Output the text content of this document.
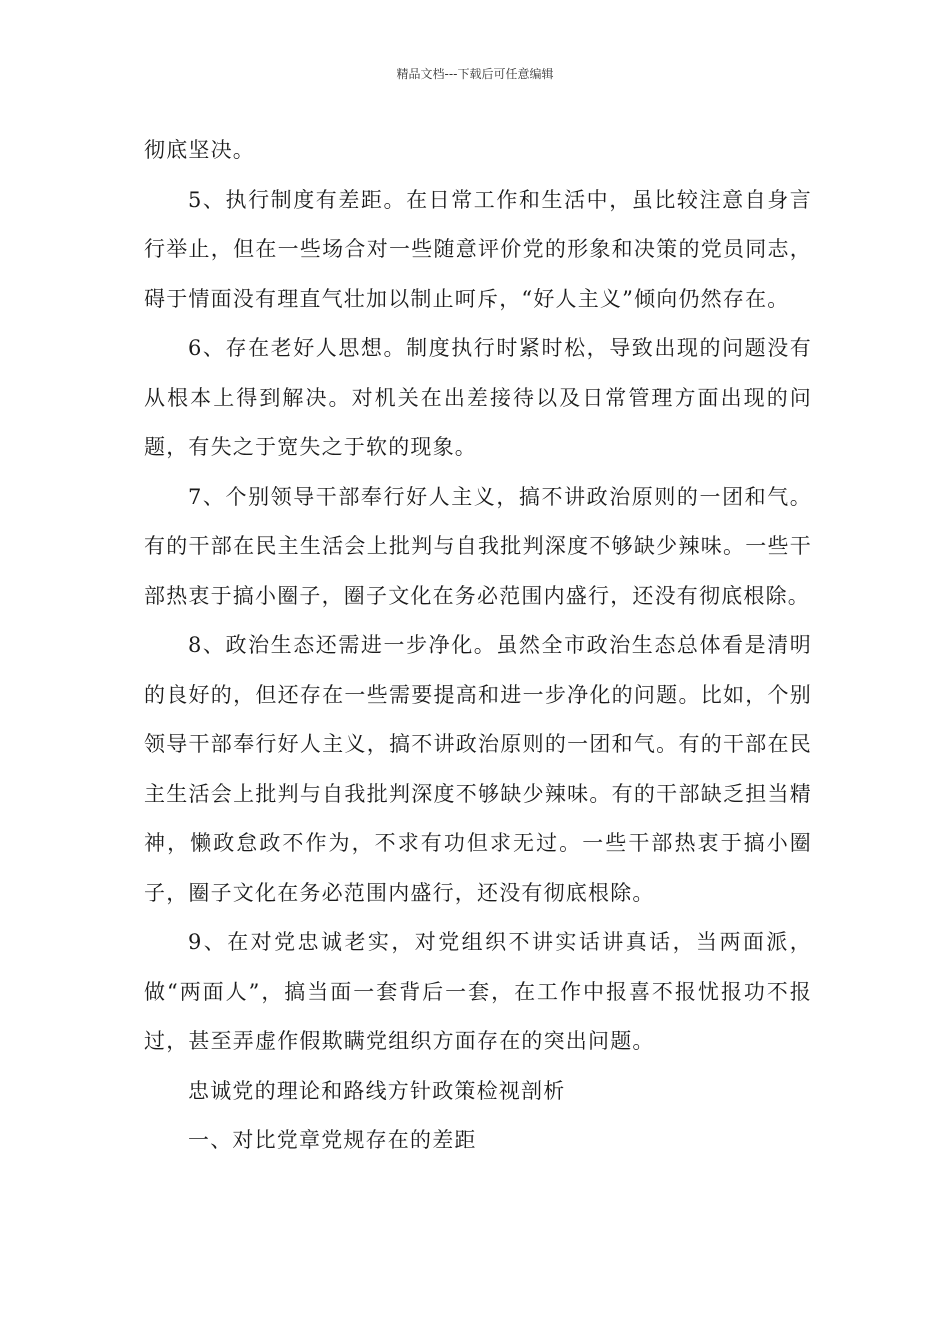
精品文档---下载后可任意编辑

彻底坚决。

5、执行制度有差距。在日常工作和生活中，虽比较注意自身言行举止，但在一些场合对一些随意评价党的形象和决策的党员同志，碍于情面没有理直气壮加以制止呵斥，“好人主义”倾向仍然存在。

6、存在老好人思想。制度执行时紧时松，导致出现的问题没有从根本上得到解决。对机关在出差接待以及日常管理方面出现的问题，有失之于宽失之于软的现象。

7、个别领导干部奉行好人主义，搞不讲政治原则的一团和气。有的干部在民主生活会上批判与自我批判深度不够缺少辣味。一些干部热衷于搞小圈子，圈子文化在务必范围内盛行，还没有彻底根除。

8、政治生态还需进一步净化。虽然全市政治生态总体看是清明的良好的，但还存在一些需要提高和进一步净化的问题。比如，个别领导干部奉行好人主义，搞不讲政治原则的一团和气。有的干部在民主生活会上批判与自我批判深度不够缺少辣味。有的干部缺乏担当精神，懒政怠政不作为，不求有功但求无过。一些干部热衷于搞小圈子，圈子文化在务必范围内盛行，还没有彻底根除。

9、在对党忠诚老实，对党组织不讲实话讲真话，当两面派，做“两面人”，搞当面一套背后一套，在工作中报喜不报忧报功不报过，甚至弄虚作假欺瞒党组织方面存在的突出问题。

忠诚党的理论和路线方针政策检视剖析

一、对比党章党规存在的差距
